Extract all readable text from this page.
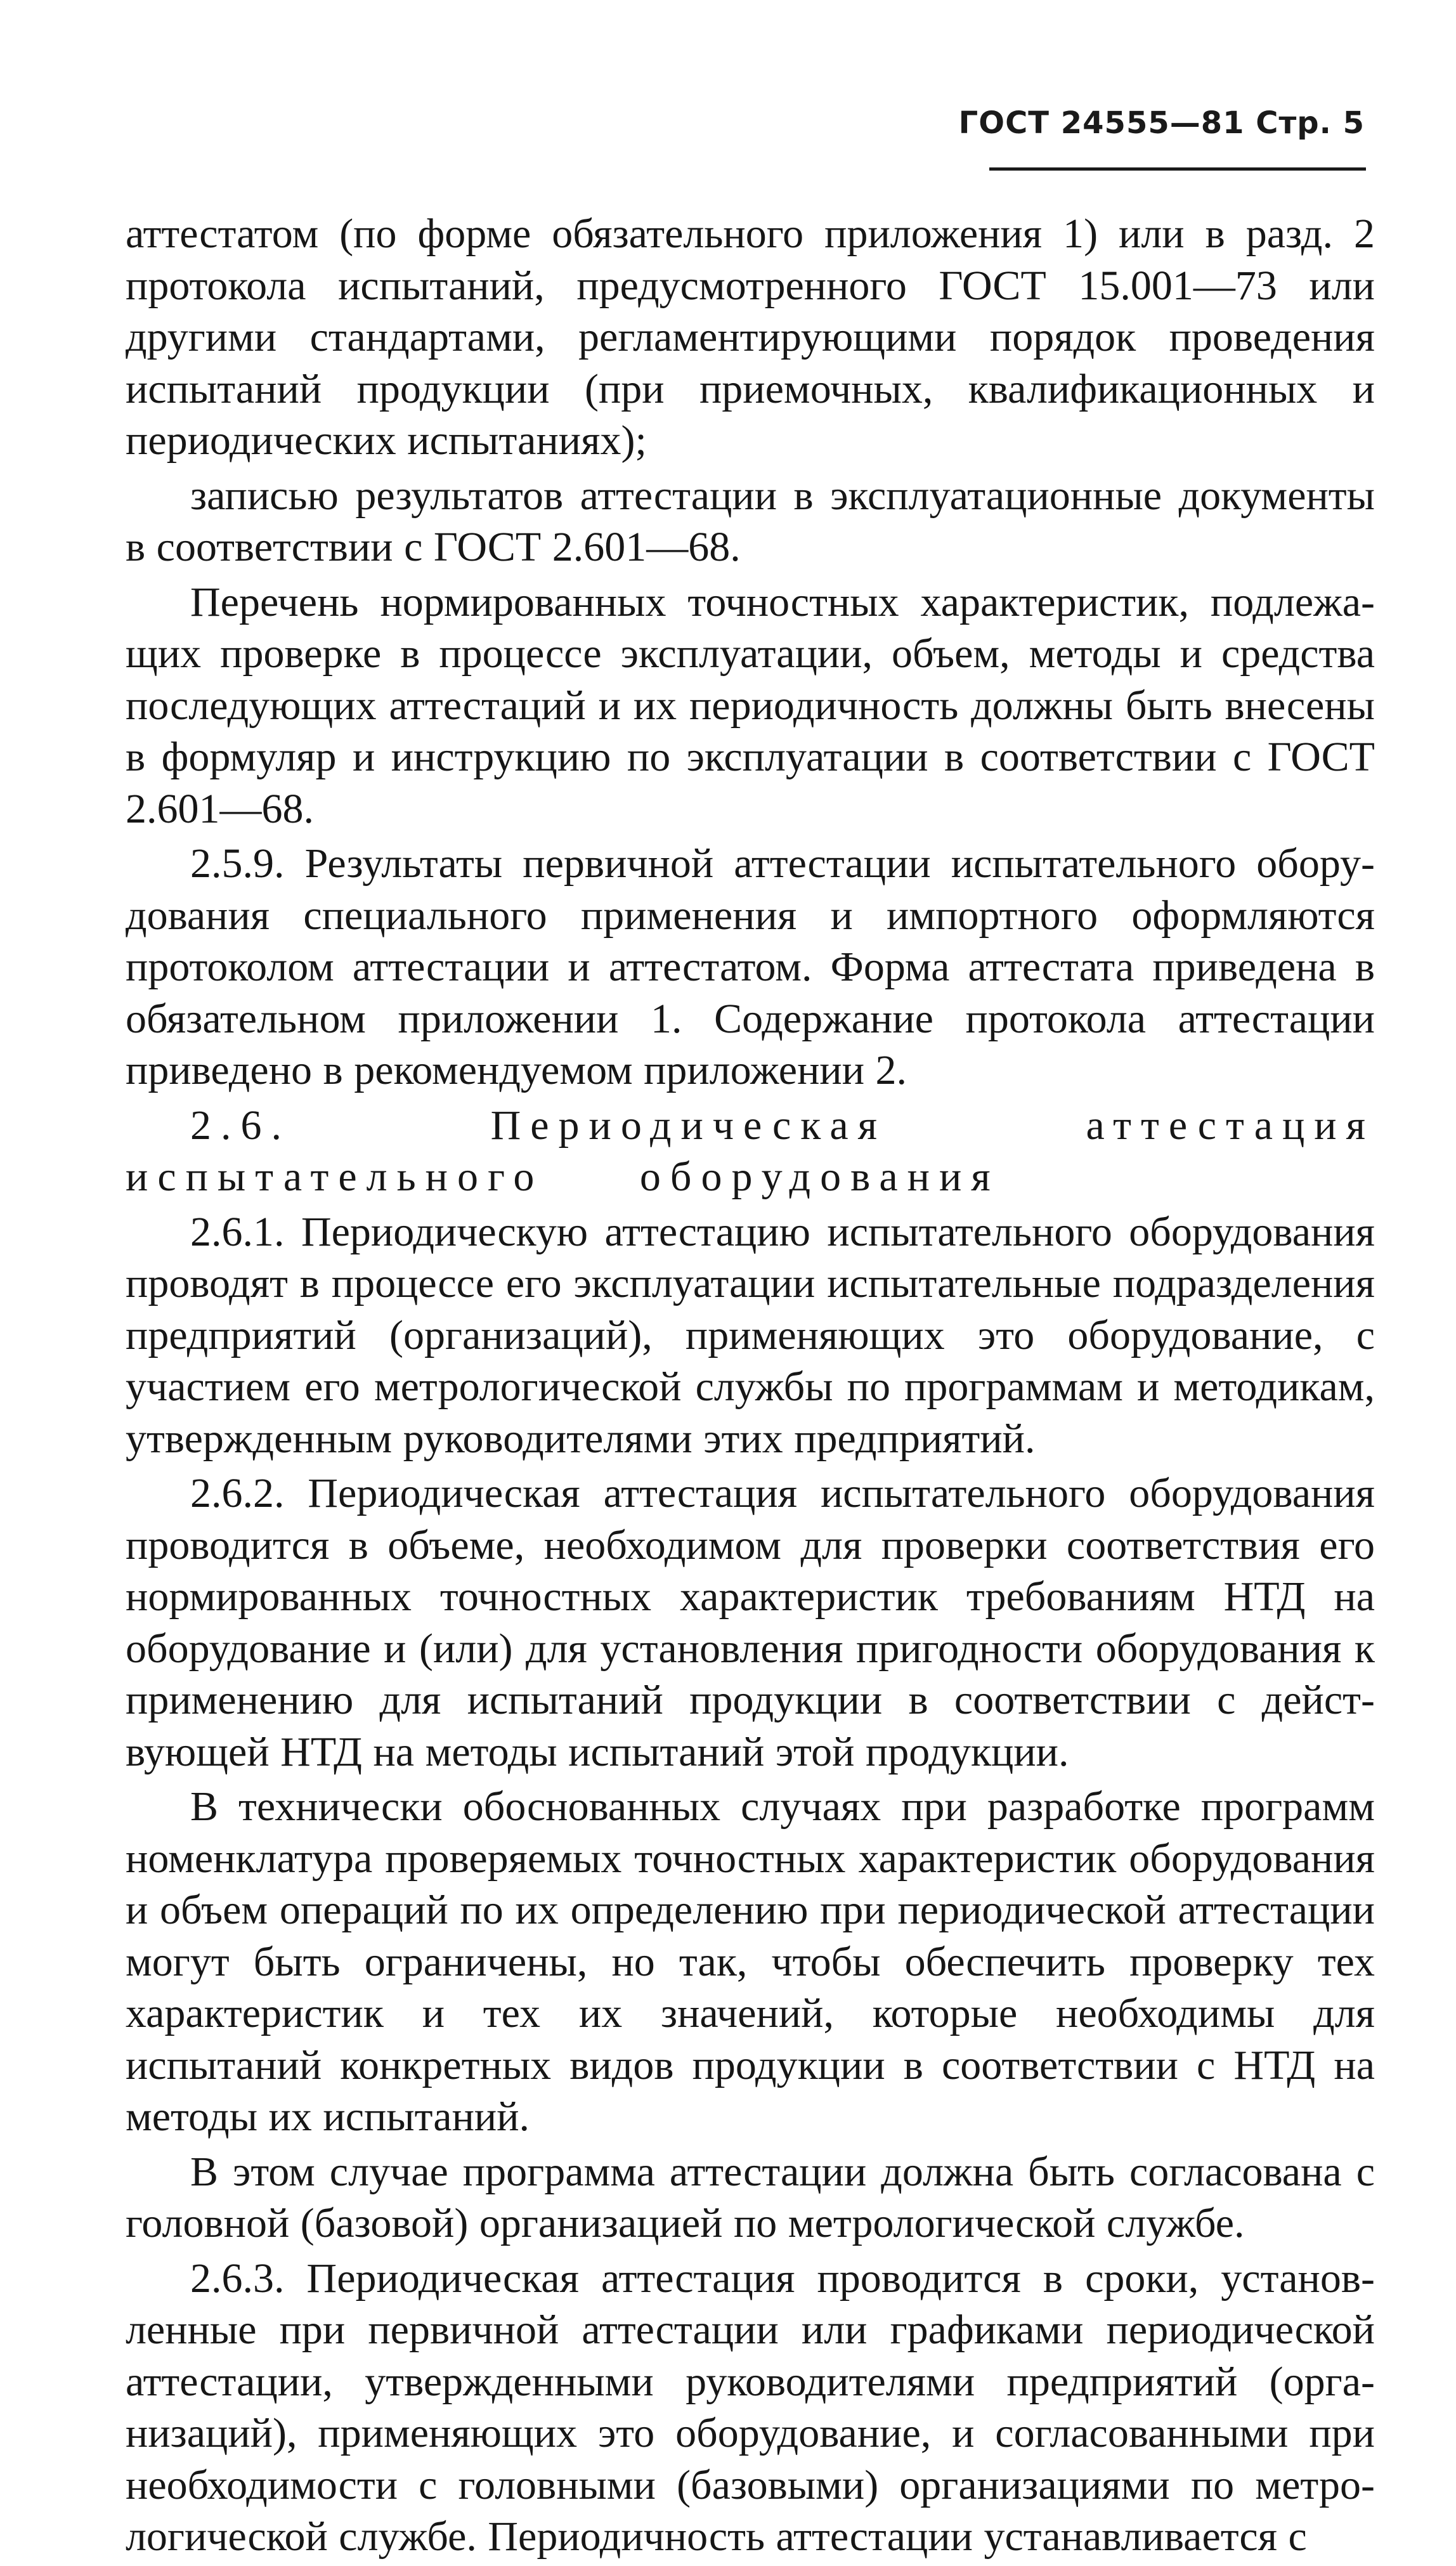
ГОСТ 24555—81 Стр. 5

аттестатом (по форме обязательного приложения 1) или в разд. 2 протокола испытаний, предусмотренного ГОСТ 15.001—73 или другими стандартами, регламентирующими порядок проведения испытаний продукции (при приемочных, квалификационных и периодических испытаниях);

записью результатов аттестации в эксплуатационные документы в соответствии с ГОСТ 2.601—68.

Перечень нормированных точностных характеристик, подлежащих проверке в процессе эксплуатации, объем, методы и средства последующих аттестаций и их периодичность должны быть внесены в формуляр и инструкцию по эксплуатации в соответствии с ГОСТ 2.601—68.

2.5.9. Результаты первичной аттестации испытательного оборудования специального применения и импортного оформляются протоколом аттестации и аттестатом. Форма аттестата приведена в обязательном приложении 1. Содержание протокола аттестации приведено в рекомендуемом приложении 2.

2.6. Периодическая аттестация испытательного оборудования

2.6.1. Периодическую аттестацию испытательного оборудования проводят в процессе его эксплуатации испытательные подразделения предприятий (организаций), применяющих это оборудование, с участием его метрологической службы по программам и методикам, утвержденным руководителями этих предприятий.

2.6.2. Периодическая аттестация испытательного оборудования проводится в объеме, необходимом для проверки соответствия его нормированных точностных характеристик требованиям НТД на оборудование и (или) для установления пригодности оборудования к применению для испытаний продукции в соответствии с действующей НТД на методы испытаний этой продукции.

В технически обоснованных случаях при разработке программ номенклатура проверяемых точностных характеристик оборудования и объем операций по их определению при периодической аттестации могут быть ограничены, но так, чтобы обеспечить проверку тех характеристик и тех их значений, которые необходимы для испытаний конкретных видов продукции в соответствии с НТД на методы их испытаний.

В этом случае программа аттестации должна быть согласована с головной (базовой) организацией по метрологической службе.

2.6.3. Периодическая аттестация проводится в сроки, установленные при первичной аттестации или графиками периодической аттестации, утвержденными руководителями предприятий (организаций), применяющих это оборудование, и согласованными при необходимости с головными (базовыми) организациями по метрологической службе. Периодичность аттестации устанавливается с
